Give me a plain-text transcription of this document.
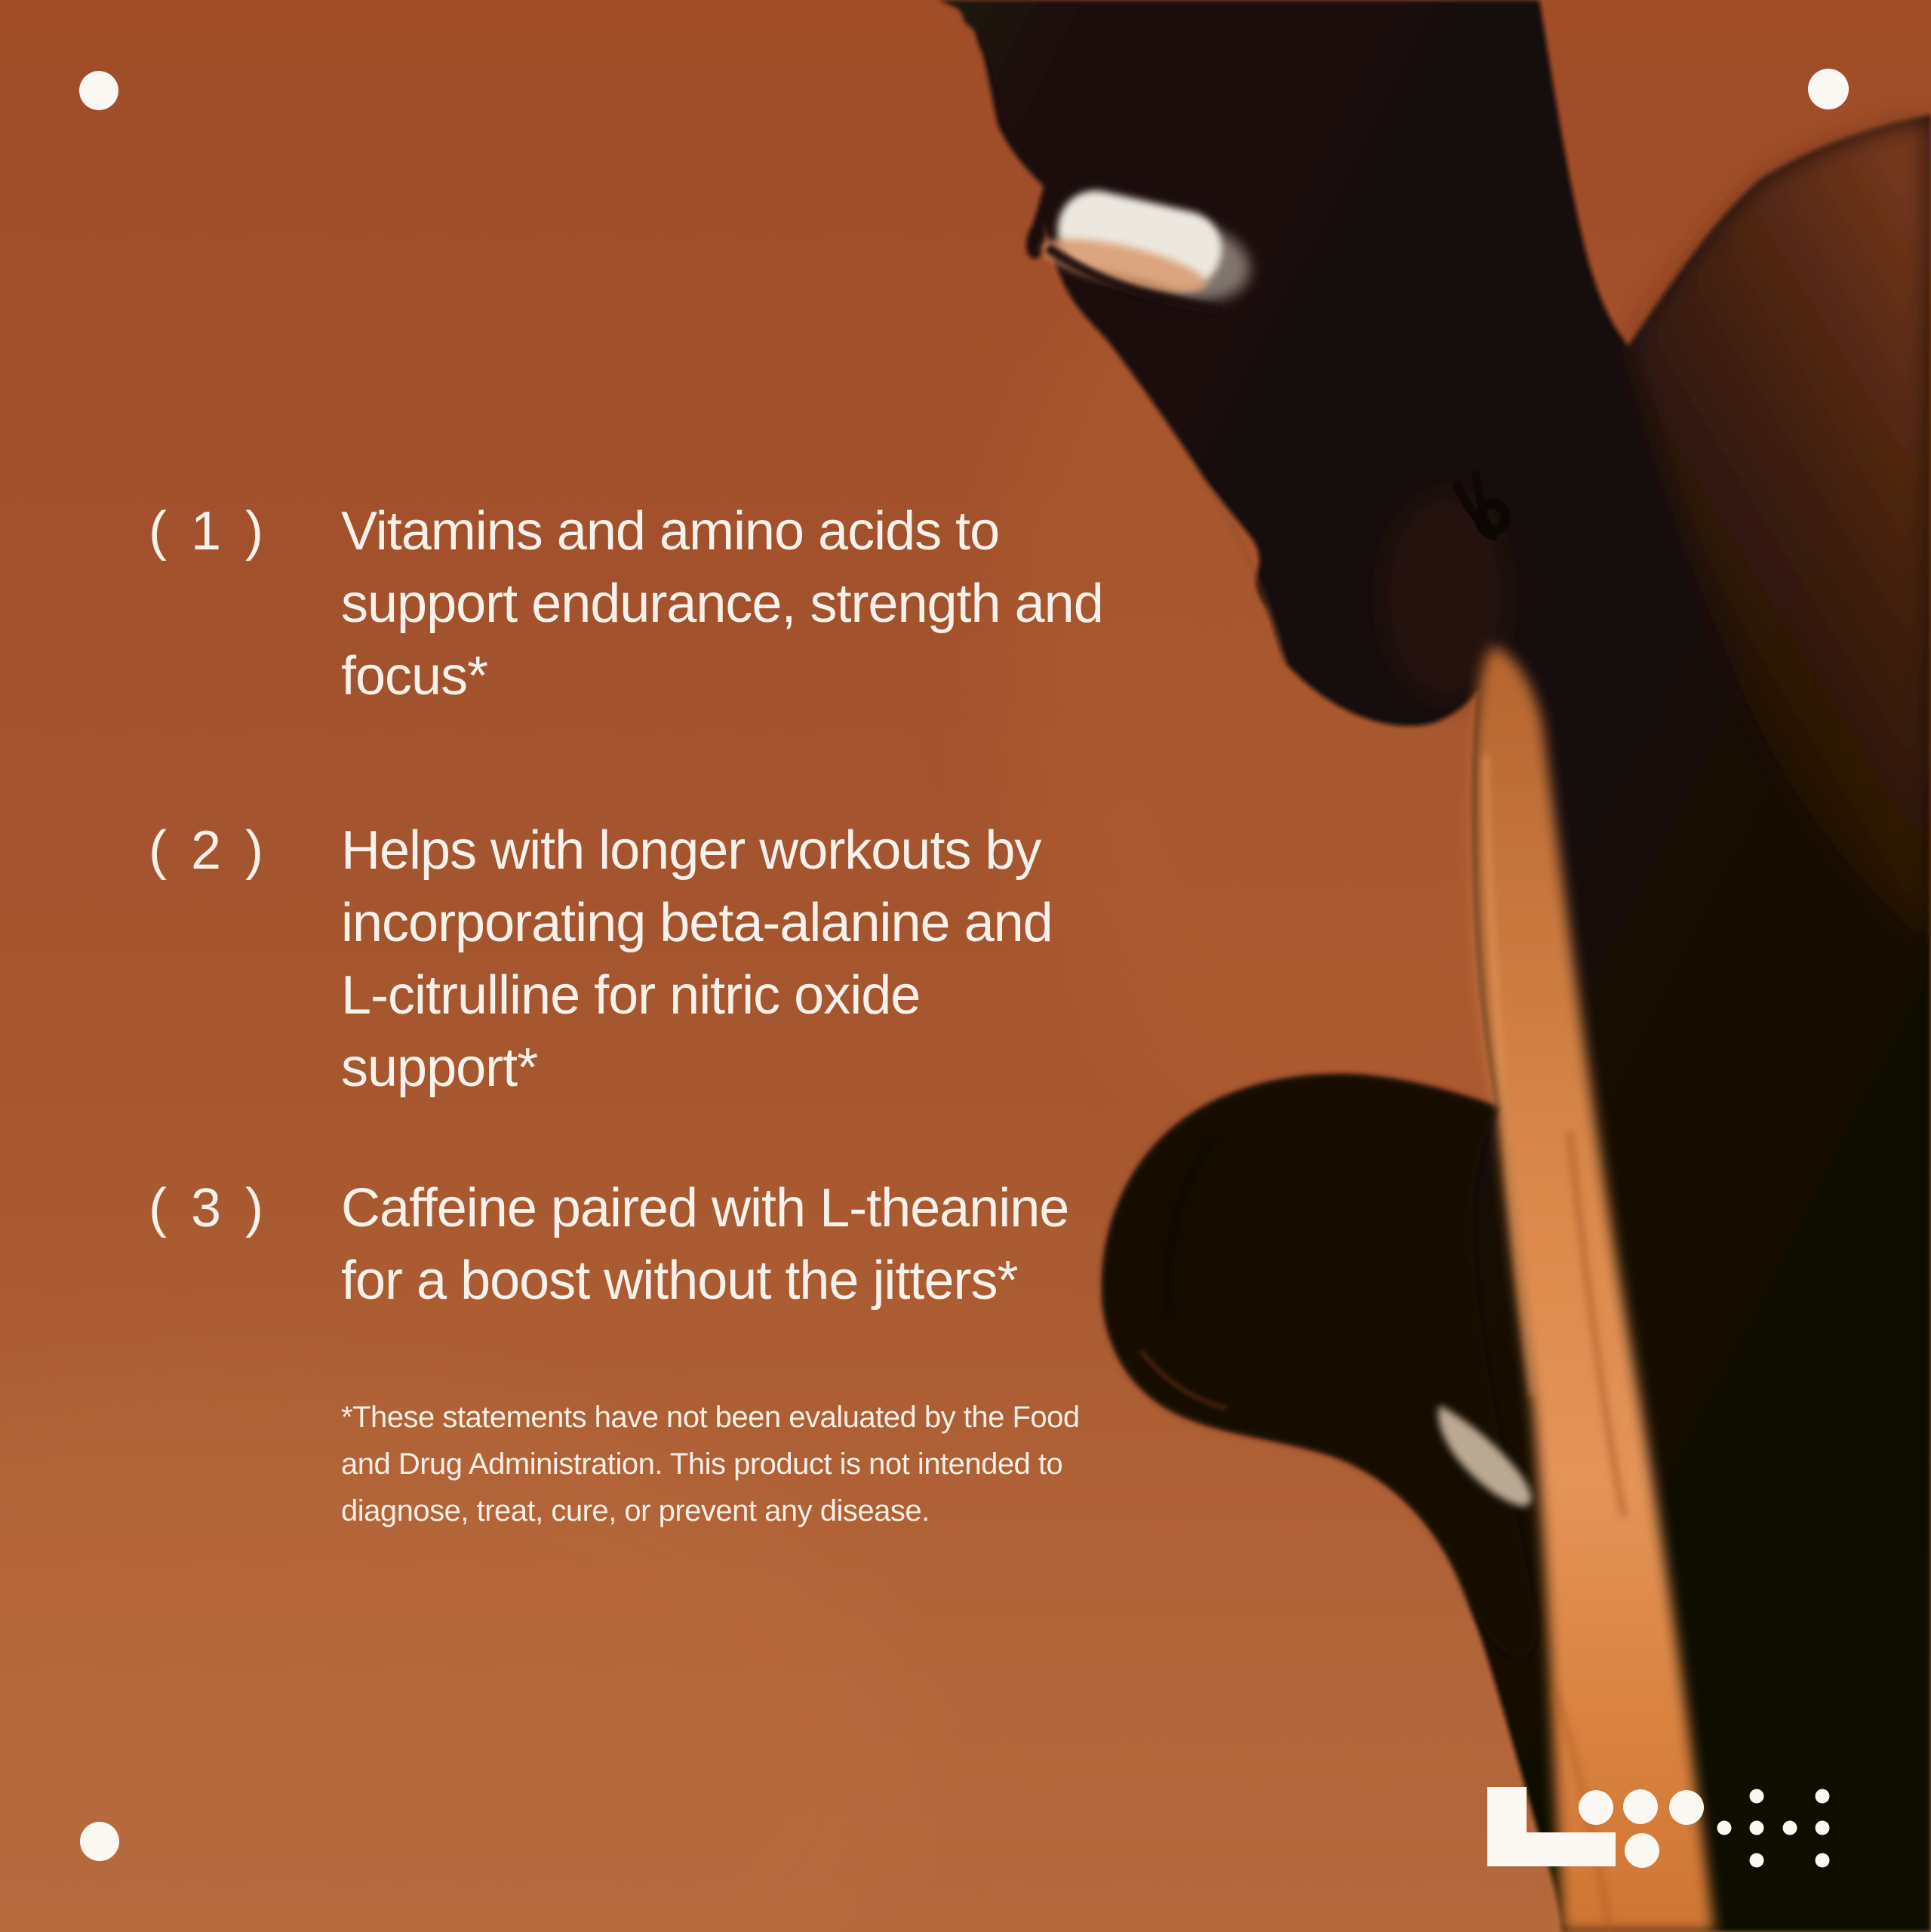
( 1 ) Vitamins and amino acids to
support endurance, strength and
focus*
( 2 ) Helps with longer workouts by
incorporating beta-alanine and
L-citrulline for nitric oxide
support*
( 3 ) Caffeine paired with L-theanine
for a boost without the jitters*
*These statements have not been evaluated by the Food
and Drug Administration. This product is not intended to
diagnose, treat, cure, or prevent any disease.
